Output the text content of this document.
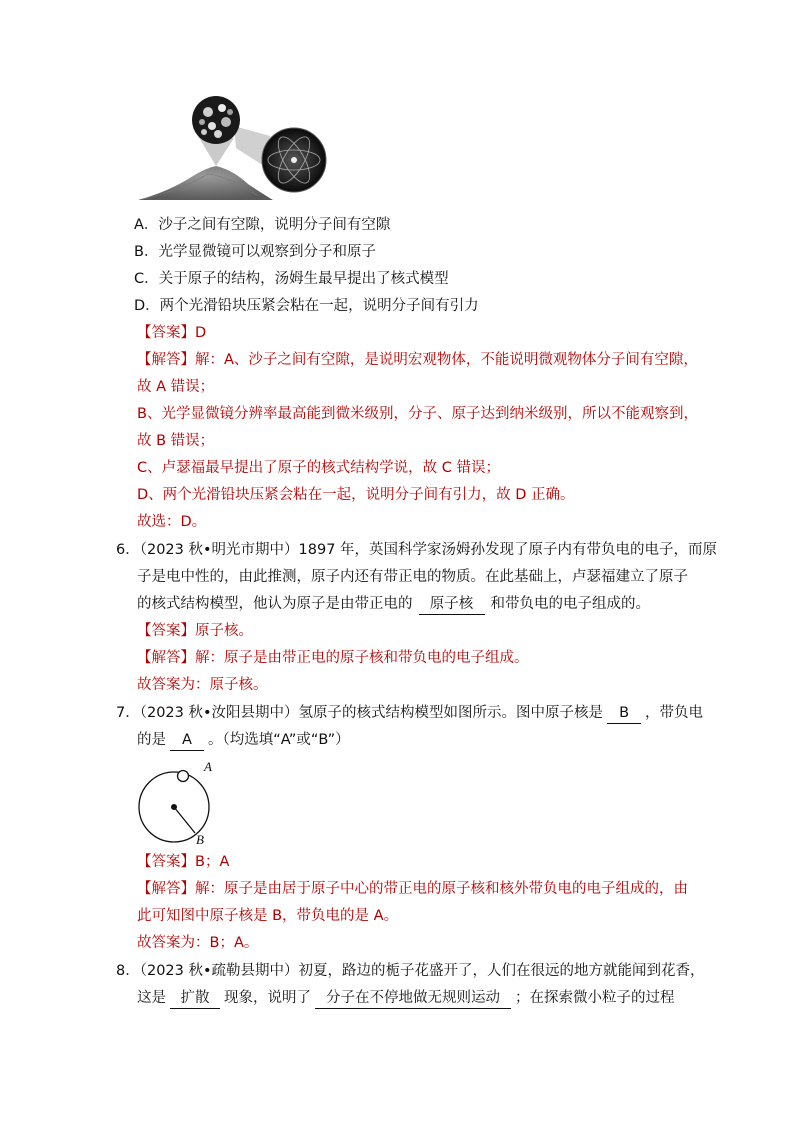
A．沙子之间有空隙，说明分子间有空隙
B．光学显微镜可以观察到分子和原子
C．关于原子的结构，汤姆生最早提出了核式模型
D．两个光滑铅块压紧会粘在一起，说明分子间有引力
【答案】D
【解答】解：A、沙子之间有空隙，是说明宏观物体，不能说明微观物体分子间有空隙，
故 A 错误；
B、光学显微镜分辨率最高能到微米级别，分子、原子达到纳米级别，所以不能观察到，
故 B 错误；
C、卢瑟福最早提出了原子的核式结构学说，故 C 错误；
D、两个光滑铅块压紧会粘在一起，说明分子间有引力，故 D 正确。
故选：D。
6．（2023 秋•明光市期中）1897 年，英国科学家汤姆孙发现了原子内有带负电的电子，而原
子是电中性的，由此推测，原子内还有带正电的物质。在此基础上，卢瑟福建立了原子
的核式结构模型，他认为原子是由带正电的 原子核 和带负电的电子组成的。
【答案】原子核。
【解答】解：原子是由带正电的原子核和带负电的电子组成。
故答案为：原子核。
7．（2023 秋•汝阳县期中）氢原子的核式结构模型如图所示。图中原子核是 B ，带负电
的是 A 。（均选填“A”或“B”）
A
B
【答案】B；A
【解答】解：原子是由居于原子中心的带正电的原子核和核外带负电的电子组成的，由
此可知图中原子核是 B，带负电的是 A。
故答案为：B；A。
8．（2023 秋•疏勒县期中）初夏，路边的栀子花盛开了，人们在很远的地方就能闻到花香，
这是 扩散 现象，说明了 分子在不停地做无规则运动 ；在探索微小粒子的过程
